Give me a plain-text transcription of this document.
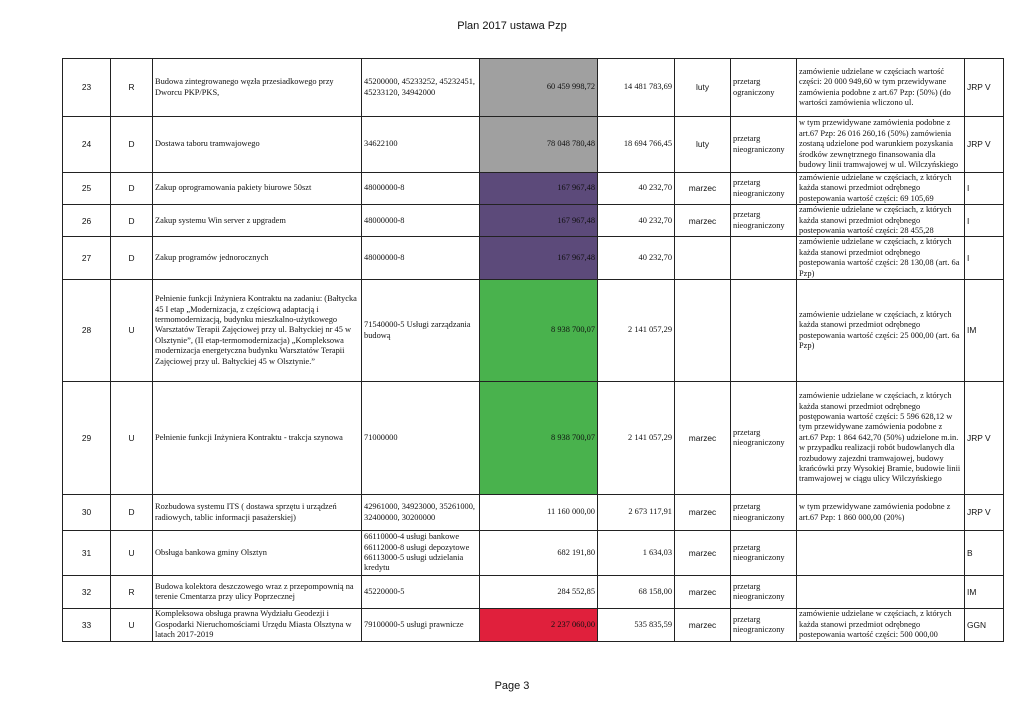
Plan 2017 ustawa Pzp
23	R	Budowa zintegrowanego węzła przesiadkowego przy Dworcu PKP/PKS,	45200000, 45233252, 45232451, 45233120, 34942000	60 459 998,72	14 481 783,69	luty	przetarg ograniczony	zamówienie udzielane w częściach wartość części: 20 000 949,60 w tym przewidywane zamówienia podobne z art.67 Pzp: (50%) (do wartości zamówienia wliczono ul.	JRP V
24	D	Dostawa taboru tramwajowego	34622100	78 048 780,48	18 694 766,45	luty	przetarg nieograniczony	w tym przewidywane zamówienia podobne z art.67 Pzp: 26 016 260,16 (50%) zamówienia zostaną udzielone pod warunkiem pozyskania środków zewnętrznego finansowania dla budowy linii tramwajowej w ul. Wilczyńskiego	JRP V
25	D	Zakup oprogramowania pakiety biurowe 50szt	48000000-8	167 967,48	40 232,70	marzec	przetarg nieograniczony	zamówienie udzielane w częściach, z których każda stanowi przedmiot odrębnego postepowania wartość części: 69 105,69	I
26	D	Zakup systemu Win server z upgradem	48000000-8	167 967,48	40 232,70	marzec	przetarg nieograniczony	zamówienie udzielane w częściach, z których każda stanowi przedmiot odrębnego postepowania wartość części: 28 455,28	I
27	D	Zakup programów jednorocznych	48000000-8	167 967,48	40 232,70			zamówienie udzielane w częściach, z których każda stanowi przedmiot odrębnego postepowania wartość części: 28 130,08 (art. 6a Pzp)	I
28	U	Pełnienie funkcji Inżyniera Kontraktu na zadaniu: (Bałtycka 45 I etap „Modernizacja, z częściową adaptacją i termomodernizacją, budynku mieszkalno-użytkowego Warsztatów Terapii Zajęciowej przy ul. Bałtyckiej nr 45 w Olsztynie”, (II etap-termomodernizacja) „Kompleksowa modernizacja energetyczna budynku Warsztatów Terapii Zajęciowej przy ul. Bałtyckiej 45 w Olsztynie.”	71540000-5 Usługi zarządzania budową	8 938 700,07	2 141 057,29			zamówienie udzielane w częściach, z których każda stanowi przedmiot odrębnego postepowania wartość części: 25 000,00 (art. 6a Pzp)	IM
29	U	Pełnienie funkcji Inżyniera Kontraktu - trakcja szynowa	71000000	8 938 700,07	2 141 057,29	marzec	przetarg nieograniczony	zamówienie udzielane w częściach, z których każda stanowi przedmiot odrębnego postępowania wartość części: 5 596 628,12 w tym przewidywane zamówienia podobne z art.67 Pzp: 1 864 642,70 (50%) udzielone m.in. w przypadku realizacji robót budowlanych dla rozbudowy zajezdni tramwajowej, budowy krańcówki przy Wysokiej Bramie, budowie linii tramwajowej w ciągu ulicy Wilczyńskiego	JRP V
30	D	Rozbudowa systemu ITS ( dostawa sprzętu i urządzeń radiowych, tablic informacji pasażerskiej)	42961000, 34923000, 35261000, 32400000, 30200000	11 160 000,00	2 673 117,91	marzec	przetarg nieograniczony	w tym przewidywane zamówienia podobne z art.67 Pzp: 1 860 000,00 (20%)	JRP V
31	U	Obsługa bankowa gminy Olsztyn	66110000-4 usługi bankowe 66112000-8 usługi depozytowe 66113000-5 usługi udzielania kredytu	682 191,80	1 634,03	marzec	przetarg nieograniczony		B
32	R	Budowa kolektora deszczowego wraz z przepompownią na terenie Cmentarza przy ulicy Poprzecznej	45220000-5	284 552,85	68 158,00	marzec	przetarg nieograniczony		IM
33	U	Kompleksowa obsługa prawna Wydziału Geodezji i Gospodarki Nieruchomościami Urzędu Miasta Olsztyna w latach 2017-2019	79100000-5 usługi prawnicze	2 237 060,00	535 835,59	marzec	przetarg nieograniczony	zamówienie udzielane w częściach, z których każda stanowi przedmiot odrębnego postepowania wartość części: 500 000,00	GGN
Page 3
